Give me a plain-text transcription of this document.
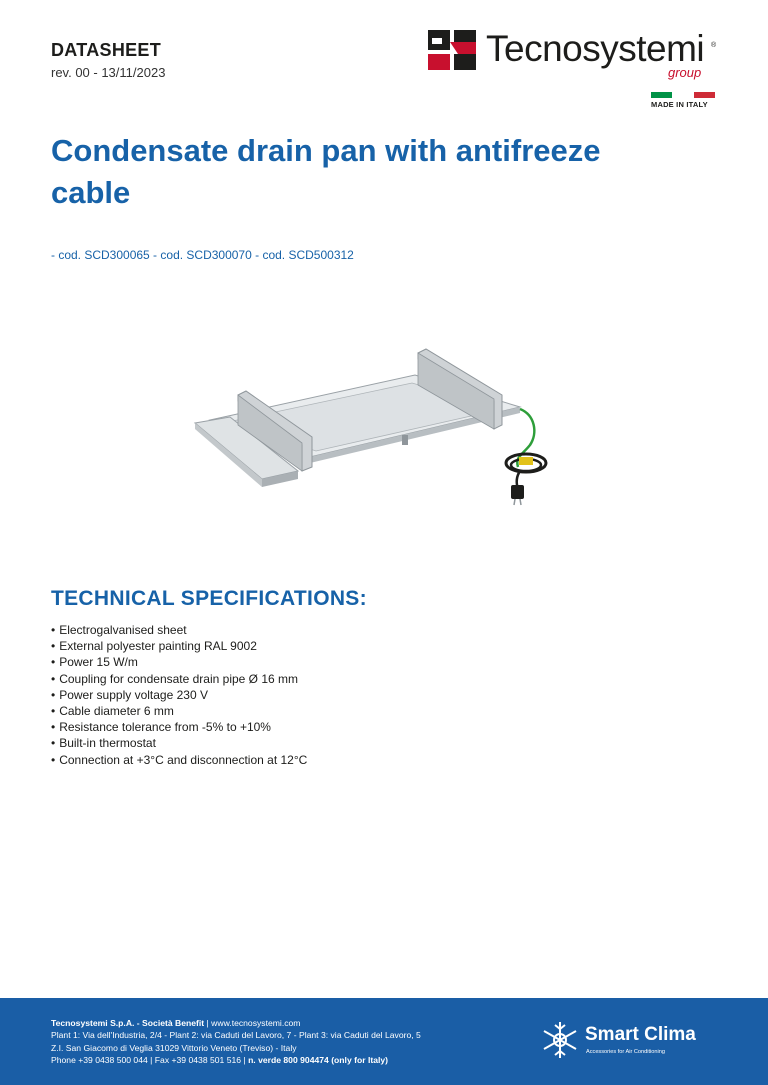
DATASHEET
rev. 00 - 13/11/2023
Tecnosystemi ®
group
MADE IN ITALY
Condensate drain pan with antifreeze
cable
- cod. SCD300065 - cod. SCD300070 - cod. SCD500312
TECHNICAL SPECIFICATIONS:
• Electrogalvanised sheet
• External polyester painting RAL 9002
• Power 15 W/m
• Coupling for condensate drain pipe Ø 16 mm
• Power supply voltage 230 V
• Cable diameter 6 mm
• Resistance tolerance from -5% to +10%
• Built-in thermostat
• Connection at +3°C and disconnection at 12°C
Tecnosystemi S.p.A. - Società Benefit | www.tecnosystemi.com
Plant 1: Via dell'Industria, 2/4 - Plant 2: via Caduti del Lavoro, 7 - Plant 3: via Caduti del Lavoro, 5
Z.I. San Giacomo di Veglia 31029 Vittorio Veneto (Treviso) - Italy
Phone +39 0438 500 044 | Fax +39 0438 501 516 | n. verde 800 904474 (only for Italy)
Smart Clima
Accessories for Air Conditioning
